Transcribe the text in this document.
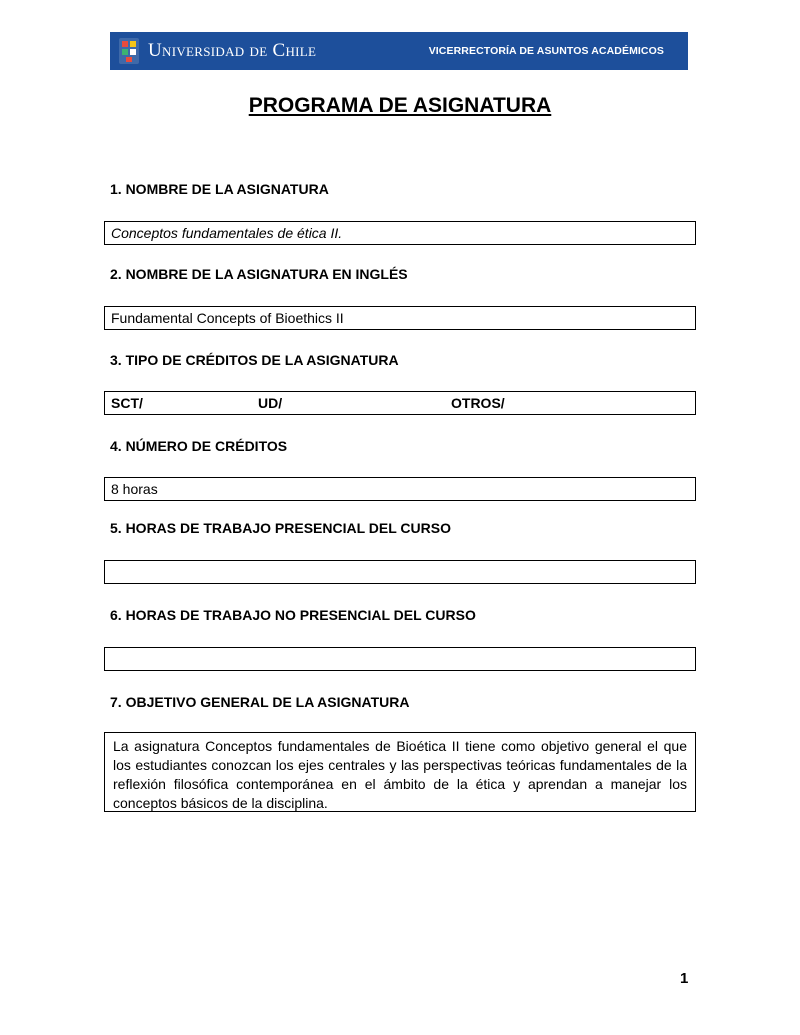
Universidad de Chile	VICERRECTORÍA DE ASUNTOS ACADÉMICOS
PROGRAMA DE ASIGNATURA
1. NOMBRE DE LA ASIGNATURA
Conceptos fundamentales de ética II.
2. NOMBRE DE LA ASIGNATURA EN INGLÉS
Fundamental Concepts of Bioethics II
3. TIPO DE CRÉDITOS DE LA ASIGNATURA
SCT/	UD/	OTROS/
4. NÚMERO DE CRÉDITOS
8 horas
5. HORAS DE TRABAJO PRESENCIAL DEL CURSO
6. HORAS DE TRABAJO NO PRESENCIAL DEL CURSO
7. OBJETIVO GENERAL DE LA ASIGNATURA
La asignatura Conceptos fundamentales de Bioética II tiene como objetivo general el que los estudiantes conozcan los ejes centrales y las perspectivas teóricas fundamentales de la reflexión filosófica contemporánea en el ámbito de la ética y aprendan a manejar los conceptos básicos de la disciplina.
1
